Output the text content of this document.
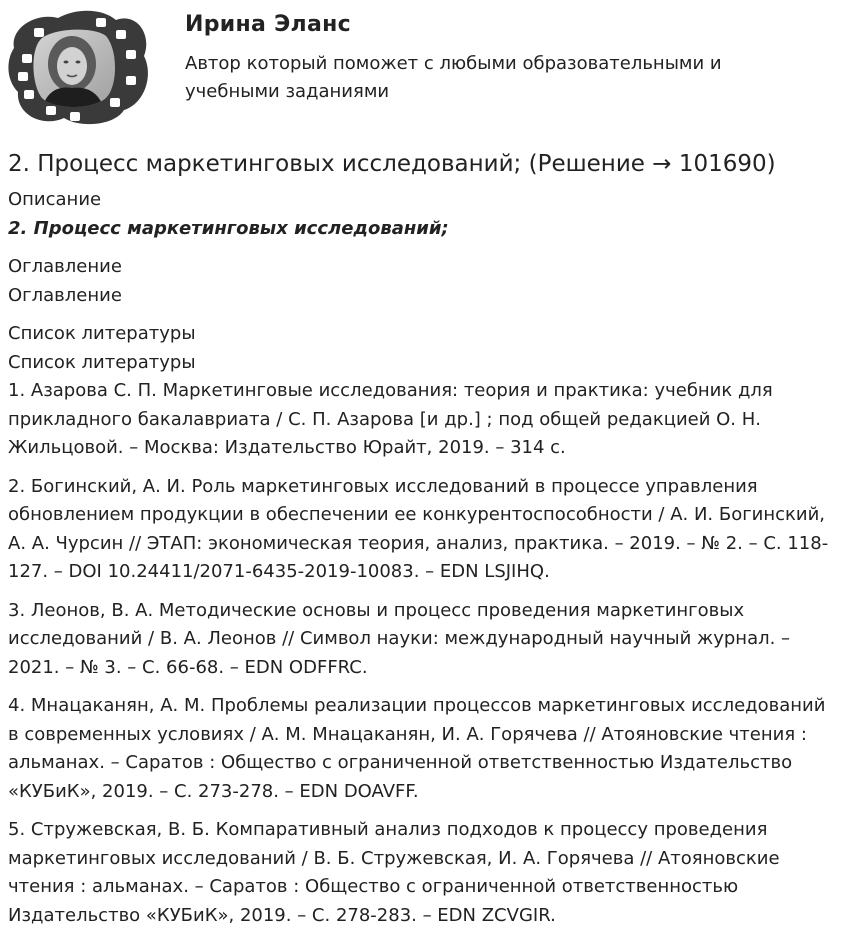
Ирина Эланс
Автор который поможет с любыми образовательными и учебными заданиями
2. Процесс маркетинговых исследований; (Решение → 101690)

Описание

2. Процесс маркетинговых исследований;

Оглавление

Оглавление

Список литературы

Список литературы

1. Азарова С. П. Маркетинговые исследования: теория и практика: учебник для прикладного бакалавриата / С. П. Азарова [и др.] ; под общей редакцией О. Н. Жильцовой. – Москва: Издательство Юрайт, 2019. – 314 с.

2. Богинский, А. И. Роль маркетинговых исследований в процессе управления обновлением продукции в обеспечении ее конкурентоспособности / А. И. Богинский, А. А. Чурсин // ЭТАП: экономическая теория, анализ, практика. – 2019. – № 2. – С. 118-127. – DOI 10.24411/2071-6435-2019-10083. – EDN LSJIHQ.

3. Леонов, В. А. Методические основы и процесс проведения маркетинговых исследований / В. А. Леонов // Символ науки: международный научный журнал. – 2021. – № 3. – С. 66-68. – EDN ODFFRC.

4. Мнацаканян, А. М. Проблемы реализации процессов маркетинговых исследований в современных условиях / А. М. Мнацаканян, И. А. Горячева // Атояновские чтения : альманах. – Саратов : Общество с ограниченной ответственностью Издательство «КУБиК», 2019. – С. 273-278. – EDN DOAVFF.

5. Стружевская, В. Б. Компаративный анализ подходов к процессу проведения маркетинговых исследований / В. Б. Стружевская, И. А. Горячева // Атояновские чтения : альманах. – Саратов : Общество с ограниченной ответственностью Издательство «КУБиК», 2019. – С. 278-283. – EDN ZCVGIR.
